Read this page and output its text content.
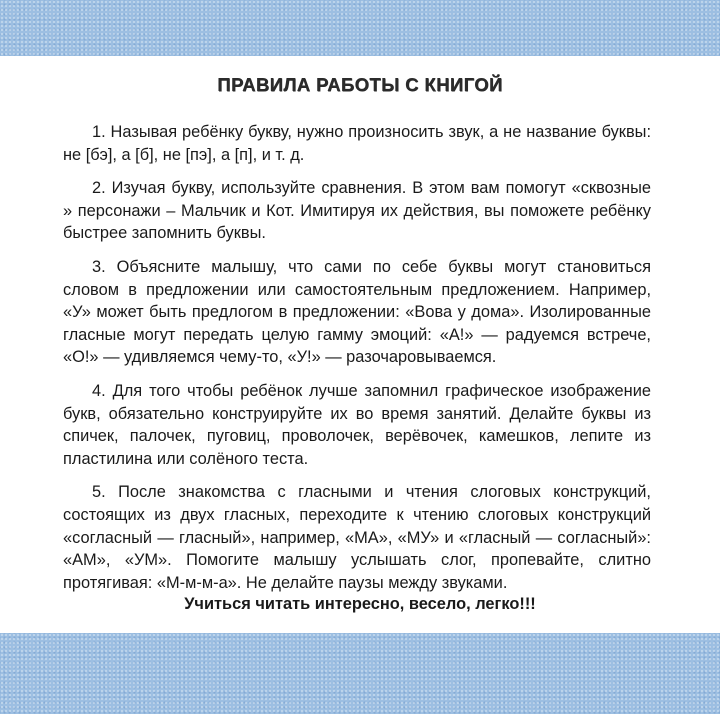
ПРАВИЛА РАБОТЫ С КНИГОЙ

1. Называя ребёнку букву, нужно произносить звук, а не название буквы: не [бэ], а [б], не [пэ], а [п], и т. д.

2. Изучая букву, используйте сравнения. В этом вам помогут «сквозные » персонажи – Мальчик и Кот. Имитируя их действия, вы поможете ребёнку быстрее запомнить буквы.

3. Объясните малышу, что сами по себе буквы могут становиться словом в предложении или самостоятельным предложением. Например, «У» может быть предлогом в предложении: «Вова у дома». Изолированные гласные могут передать целую гамму эмоций: «А!» — радуемся встрече, «О!» — удивляемся чему-то, «У!» — разочаровываемся.

4. Для того чтобы ребёнок лучше запомнил графическое изображение букв, обязательно конструируйте их во время занятий. Делайте буквы из спичек, палочек, пуговиц, проволочек, верёвочек, камешков, лепите из пластилина или солёного теста.

5. После знакомства с гласными и чтения слоговых конструкций, состоящих из двух гласных, переходите к чтению слоговых конструкций «согласный — гласный», например, «МА», «МУ» и «гласный — согласный»: «АМ», «УМ». Помогите малышу услышать слог, пропевайте, слитно протягивая: «М-м-м-а». Не делайте паузы между звуками.

Учиться читать интересно, весело, легко!!!
